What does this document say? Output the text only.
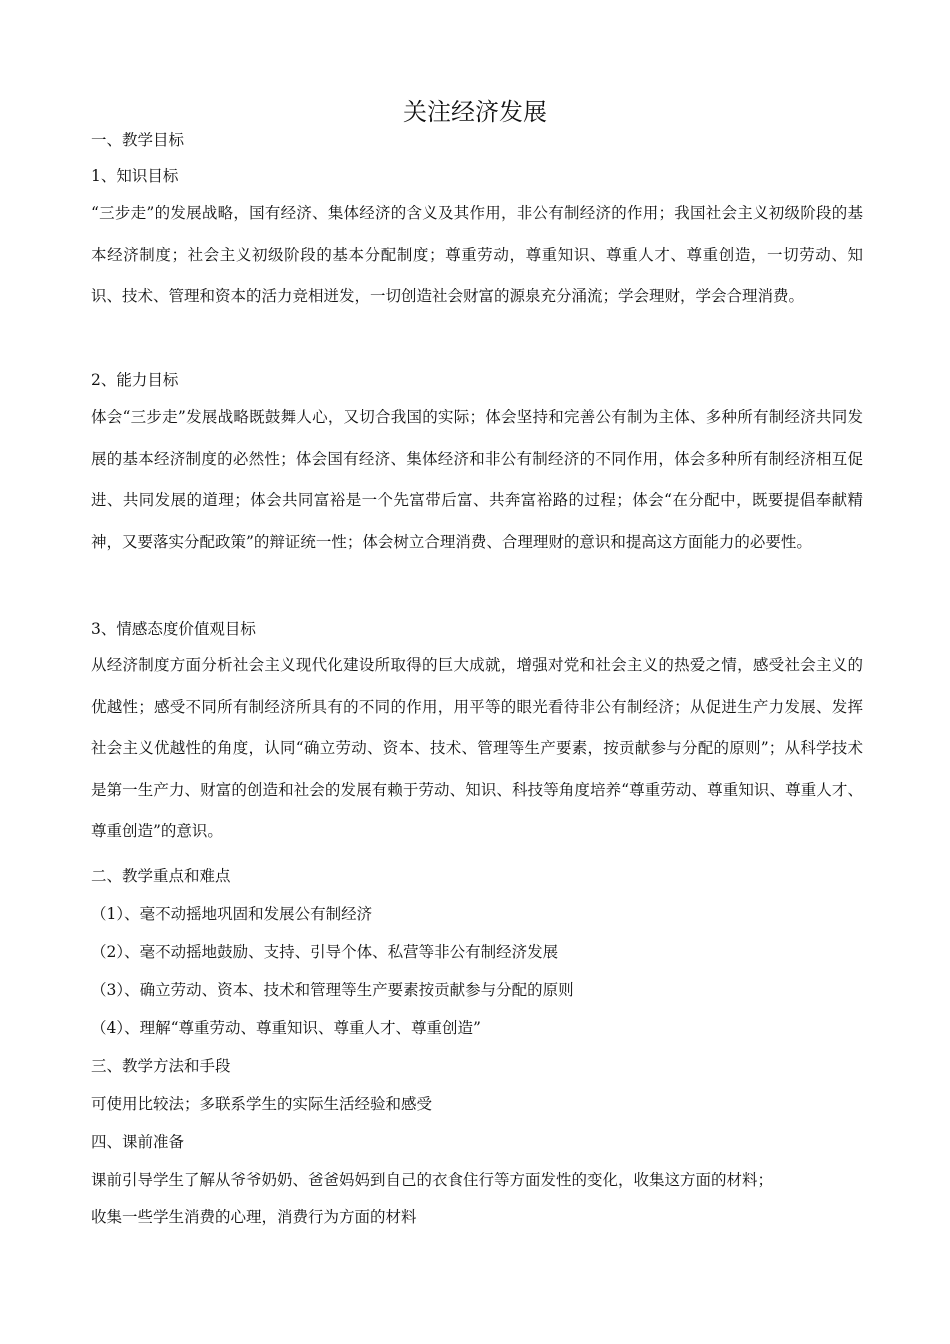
关注经济发展
一、教学目标
1、知识目标
“三步走”的发展战略，国有经济、集体经济的含义及其作用，非公有制经济的作用；我国社会主义初级阶段的基本经济制度；社会主义初级阶段的基本分配制度；尊重劳动，尊重知识、尊重人才、尊重创造，一切劳动、知识、技术、管理和资本的活力竞相迸发，一切创造社会财富的源泉充分涌流；学会理财，学会合理消费。
2、能力目标
体会“三步走”发展战略既鼓舞人心，又切合我国的实际；体会坚持和完善公有制为主体、多种所有制经济共同发展的基本经济制度的必然性；体会国有经济、集体经济和非公有制经济的不同作用，体会多种所有制经济相互促进、共同发展的道理；体会共同富裕是一个先富带后富、共奔富裕路的过程；体会“在分配中，既要提倡奉献精神，又要落实分配政策”的辩证统一性；体会树立合理消费、合理理财的意识和提高这方面能力的必要性。
3、情感态度价值观目标
从经济制度方面分析社会主义现代化建设所取得的巨大成就，增强对党和社会主义的热爱之情，感受社会主义的优越性；感受不同所有制经济所具有的不同的作用，用平等的眼光看待非公有制经济；从促进生产力发展、发挥社会主义优越性的角度，认同“确立劳动、资本、技术、管理等生产要素，按贡献参与分配的原则”；从科学技术是第一生产力、财富的创造和社会的发展有赖于劳动、知识、科技等角度培养“尊重劳动、尊重知识、尊重人才、尊重创造”的意识。
二、教学重点和难点
（1）、毫不动摇地巩固和发展公有制经济
（2）、毫不动摇地鼓励、支持、引导个体、私营等非公有制经济发展
（3）、确立劳动、资本、技术和管理等生产要素按贡献参与分配的原则
（4）、理解“尊重劳动、尊重知识、尊重人才、尊重创造”
三、教学方法和手段
可使用比较法；多联系学生的实际生活经验和感受
四、课前准备
课前引导学生了解从爷爷奶奶、爸爸妈妈到自己的衣食住行等方面发性的变化，收集这方面的材料；
收集一些学生消费的心理，消费行为方面的材料
